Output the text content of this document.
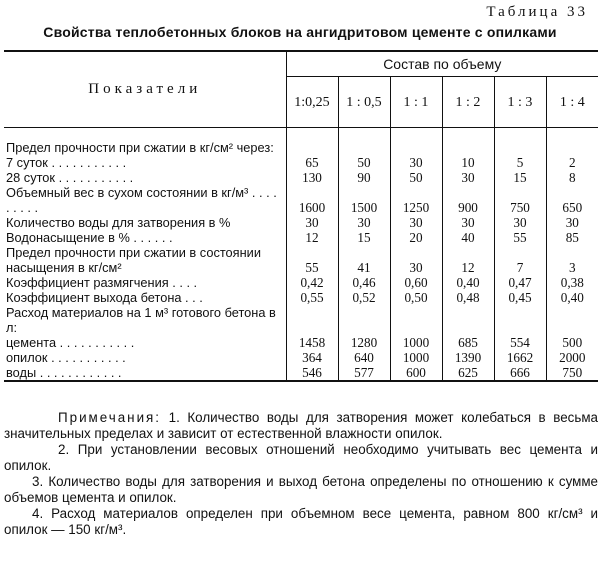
Таблица 33
Свойства теплобетонных блоков на ангидритовом цементе с опилками
Показатели	Состав по объему					
	1:0,25	1 : 0,5	1 : 1	1 : 2	1 : 3	1 : 4

Предел прочности при сжатии в кг/см² через:						
7 суток . . . . . . . . . . .	65	50	30	10	5	2
28 суток . . . . . . . . . . .	130	90	50	30	15	8
Объемный вес в сухом состоянии в кг/м³ . . . . . . . . .	1600	1500	1250	900	750	650
Количество воды для затворения в %	30	30	30	30	30	30
Водонасыщение в % . . . . . .	12	15	20	40	55	85
Предел прочности при сжатии в состоянии насыщения в кг/см²	55	41	30	12	7	3
Коэффициент размягчения . . . .	0,42	0,46	0,60	0,40	0,47	0,38
Коэффициент выхода бетона . . .	0,55	0,52	0,50	0,48	0,45	0,40
Расход материалов на 1 м³ готового бетона в л:						
цемента . . . . . . . . . . .	1458	1280	1000	685	554	500
опилок . . . . . . . . . . .	364	640	1000	1390	1662	2000
воды . . . . . . . . . . . .	546	577	600	625	666	750

Примечания: 1. Количество воды для затворения может колебаться в весьма значительных пределах и зависит от естественной влажности опилок.

2. При установлении весовых отношений необходимо учитывать вес цемента и опилок.

3. Количество воды для затворения и выход бетона определены по отношению к сумме объемов цемента и опилок.

4. Расход материалов определен при объемном весе цемента, равном 800 кг/см³ и опилок — 150 кг/м³.
